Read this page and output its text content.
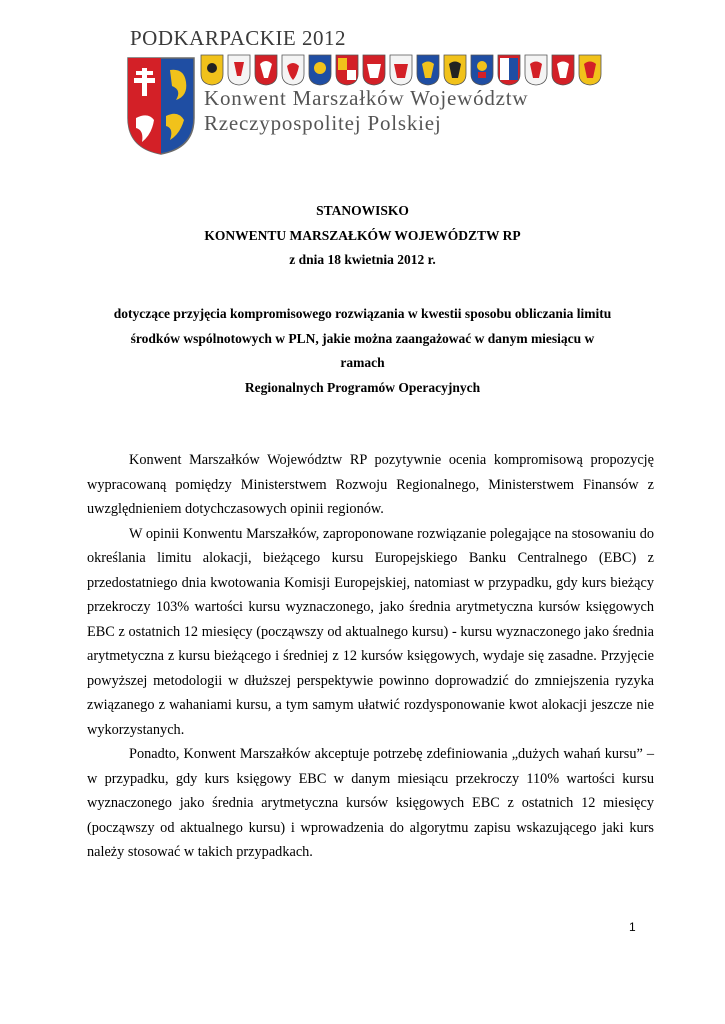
PODKARPACKIE 2012
Konwent Marszałków Województw
Rzeczypospolitej Polskiej
STANOWISKO
KONWENTU MARSZAŁKÓW WOJEWÓDZTW RP
z dnia 18 kwietnia 2012 r.
dotyczące przyjęcia kompromisowego rozwiązania w kwestii sposobu obliczania limitu
środków wspólnotowych w PLN, jakie można zaangażować w danym miesiącu w
ramach
Regionalnych Programów Operacyjnych

Konwent Marszałków Województw RP pozytywnie ocenia kompromisową propozycję wypracowaną pomiędzy Ministerstwem Rozwoju Regionalnego, Ministerstwem Finansów z uwzględnieniem dotychczasowych opinii regionów.

W opinii Konwentu Marszałków, zaproponowane rozwiązanie polegające na stosowaniu do określania limitu alokacji, bieżącego kursu Europejskiego Banku Centralnego (EBC) z przedostatniego dnia kwotowania Komisji Europejskiej, natomiast w przypadku, gdy kurs bieżący przekroczy 103% wartości kursu wyznaczonego, jako średnia arytmetyczna kursów księgowych EBC z ostatnich 12 miesięcy (począwszy od aktualnego kursu) - kursu wyznaczonego jako średnia arytmetyczna z kursu bieżącego i średniej z 12 kursów księgowych, wydaje się zasadne. Przyjęcie powyższej metodologii w dłuższej perspektywie powinno doprowadzić do zmniejszenia ryzyka związanego z wahaniami kursu, a tym samym ułatwić rozdysponowanie kwot alokacji jeszcze nie wykorzystanych.

Ponadto, Konwent Marszałków akceptuje potrzebę zdefiniowania „dużych wahań kursu” – w przypadku, gdy kurs księgowy EBC w danym miesiącu przekroczy 110% wartości kursu wyznaczonego jako średnia arytmetyczna kursów księgowych EBC z ostatnich 12 miesięcy (począwszy od aktualnego kursu) i wprowadzenia do algorytmu zapisu wskazującego jaki kurs należy stosować w takich przypadkach.

1
